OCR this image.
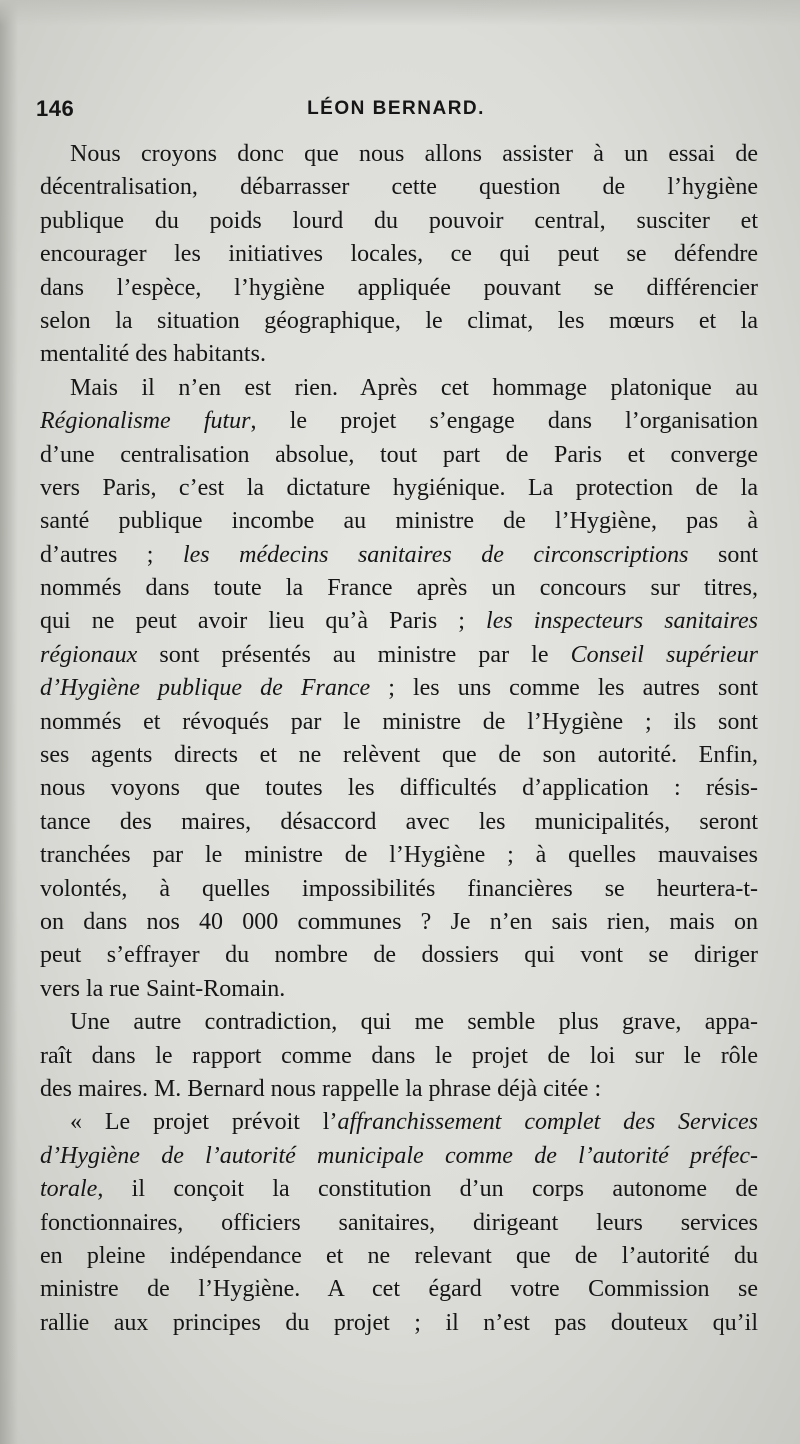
146	LÉON BERNARD.
Nous croyons donc que nous allons assister à un essai de
décentralisation, débarrasser cette question de l’hygiène
publique du poids lourd du pouvoir central, susciter et
encourager les initiatives locales, ce qui peut se défendre
dans l’espèce, l’hygiène appliquée pouvant se différencier
selon la situation géographique, le climat, les mœurs et la
mentalité des habitants.
Mais il n’en est rien. Après cet hommage platonique au
Régionalisme futur, le projet s’engage dans l’organisation
d’une centralisation absolue, tout part de Paris et converge
vers Paris, c’est la dictature hygiénique. La protection de la
santé publique incombe au ministre de l’Hygiène, pas à
d’autres ; les médecins sanitaires de circonscriptions sont
nommés dans toute la France après un concours sur titres,
qui ne peut avoir lieu qu’à Paris ; les inspecteurs sanitaires
régionaux sont présentés au ministre par le Conseil supérieur
d’Hygiène publique de France ; les uns comme les autres sont
nommés et révoqués par le ministre de l’Hygiène ; ils sont
ses agents directs et ne relèvent que de son autorité. Enfin,
nous voyons que toutes les difficultés d’application : résis-
tance des maires, désaccord avec les municipalités, seront
tranchées par le ministre de l’Hygiène ; à quelles mauvaises
volontés, à quelles impossibilités financières se heurtera-t-
on dans nos 40 000 communes ? Je n’en sais rien, mais on
peut s’effrayer du nombre de dossiers qui vont se diriger
vers la rue Saint-Romain.
Une autre contradiction, qui me semble plus grave, appa-
raît dans le rapport comme dans le projet de loi sur le rôle
des maires. M. Bernard nous rappelle la phrase déjà citée :
« Le projet prévoit l’affranchissement complet des Services
d’Hygiène de l’autorité municipale comme de l’autorité préfec-
torale, il conçoit la constitution d’un corps autonome de
fonctionnaires, officiers sanitaires, dirigeant leurs services
en pleine indépendance et ne relevant que de l’autorité du
ministre de l’Hygiène. A cet égard votre Commission se
rallie aux principes du projet ; il n’est pas douteux qu’il
